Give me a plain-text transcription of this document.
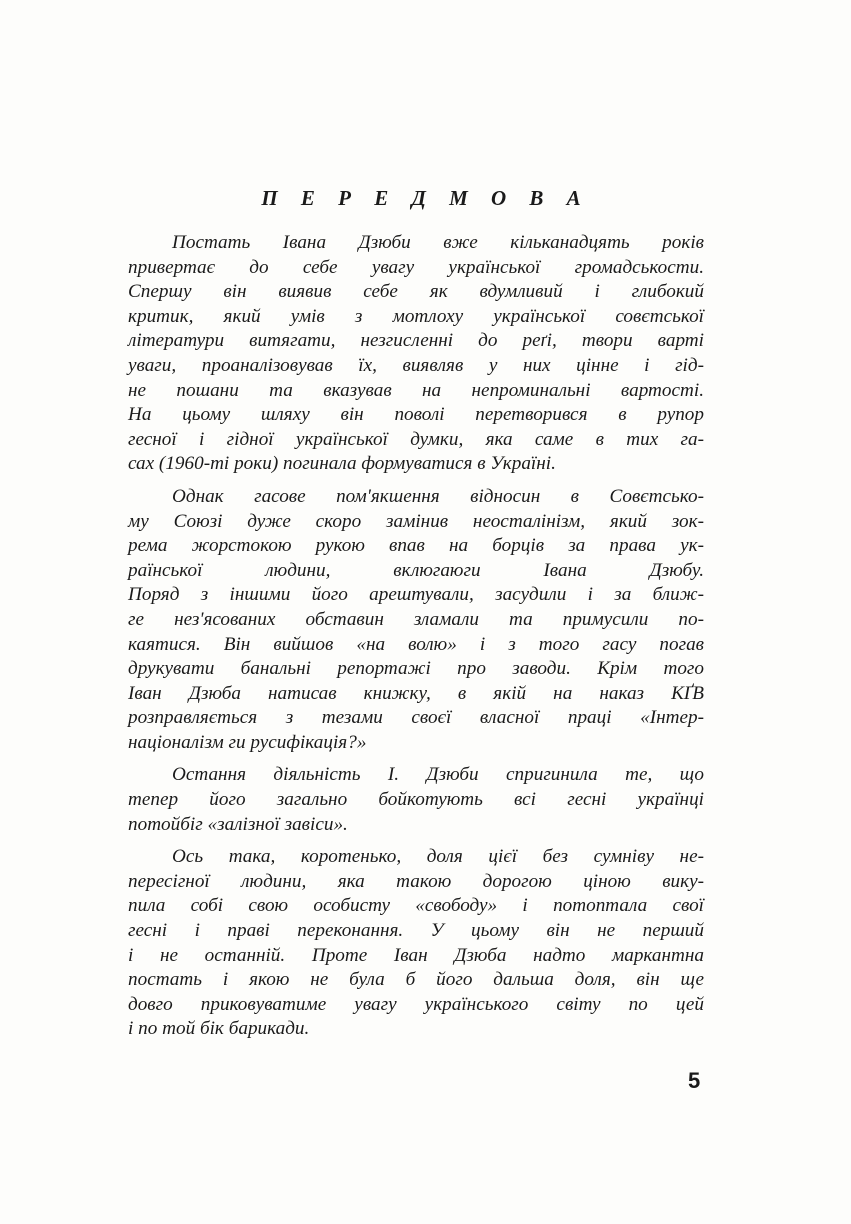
П Е Р Е Д М О В А
Постать Івана Дзюби вже кільканадцять років
привертає до себе увагу української громадськости.
Спершу він виявив себе як вдумливий і глибокий
критик, який умів з мотлоху української совєтської
літератури витягати, незгисленні до реґі, твори варті
уваги, проаналізовував їх, виявляв у них цінне і гід-
не пошани та вказував на непроминальні вартості.
На цьому шляху він поволі перетворився в рупор
гесної і гідної української думки, яка саме в тих га-
сах (1960-ті роки) погинала формуватися в Україні.
Однак гасове пом'якшення відносин в Совєтсько-
му Союзі дуже скоро замінив неосталінізм, який зок-
рема жорстокою рукою впав на борців за права ук-
раїнської людини, вклюгаюги Івана Дзюбу.
Поряд з іншими його арештували, засудили і за ближ-
ге нез'ясованих обставин зламали та примусили по-
каятися. Він вийшов «на волю» і з того гасу погав
друкувати банальні репортажі про заводи. Крім того
Іван Дзюба натисав книжку, в якій на наказ КҐВ
розправляється з тезами своєї власної праці «Інтер-
націоналізм ги русифікація?»
Остання діяльність І. Дзюби спригинила те, що
тепер його загально бойкотують всі гесні українці
потойбіг «залізної завіси».
Ось така, коротенько, доля цієї без сумніву не-
пересігної людини, яка такою дорогою ціною вику-
пила собі свою особисту «свободу» і потоптала свої
гесні і праві переконання. У цьому він не перший
і не останній. Проте Іван Дзюба надто маркантна
постать і якою не була б його дальша доля, він ще
довго приковуватиме увагу українського світу по цей
і по той бік барикади.
5
